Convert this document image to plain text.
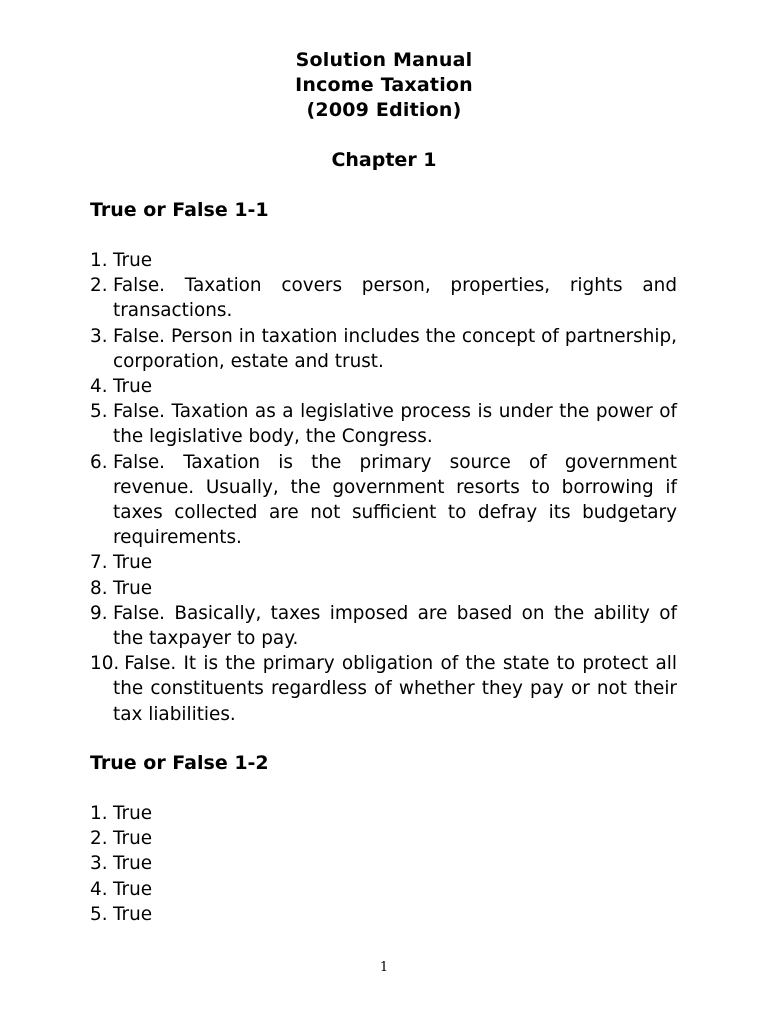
Solution Manual
Income Taxation
(2009 Edition)
Chapter 1
True or False 1-1
1. True
2. False. Taxation covers person, properties, rights and transactions.
3. False. Person in taxation includes the concept of partnership, corporation, estate and trust.
4. True
5. False. Taxation as a legislative process is under the power of the legislative body, the Congress.
6. False. Taxation is the primary source of government revenue. Usually, the government resorts to borrowing if taxes collected are not sufficient to defray its budgetary requirements.
7. True
8. True
9. False. Basically, taxes imposed are based on the ability of the taxpayer to pay.
10. False. It is the primary obligation of the state to protect all the constituents regardless of whether they pay or not their tax liabilities.
True or False 1-2
1. True
2. True
3. True
4. True
5. True
1
